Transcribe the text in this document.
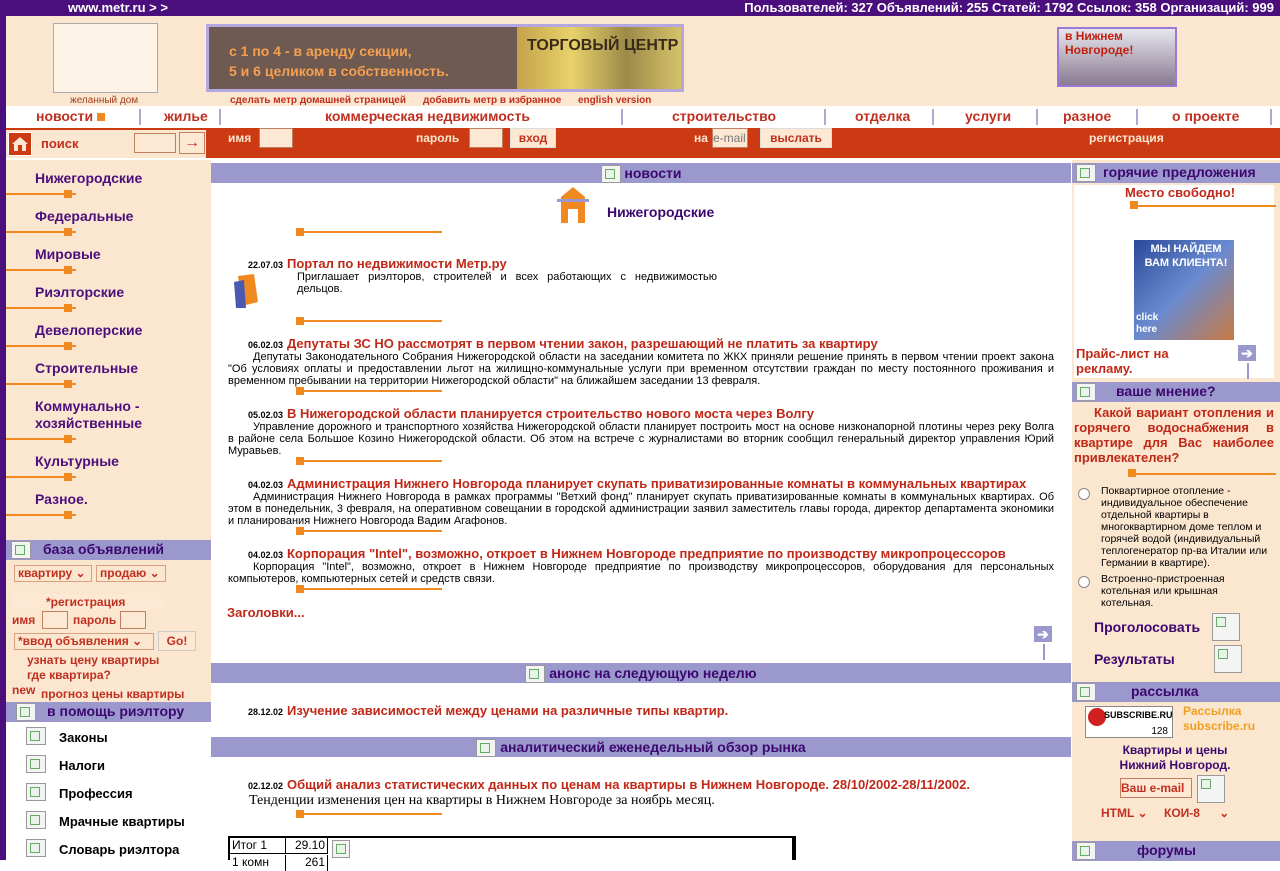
www.metr.ru > >	Пользователей: 327 Объявлений: 255 Статей: 1792 Ссылок: 358 Организаций: 999
желанный дом
с 1 по 4 - в аренду секции,
5 и 6 целиком в собственность.
ТОРГОВЫЙ ЦЕНТР
в Нижнем Новгороде!
сделать метр домашней страницей добавить метр в избранное english version
новости	жилье	коммерческая недвижимость	строительство	отделка	услуги	разное	о проекте
имя	пароль	вход	на
e-mail	выслать	регистрация
поиск	→
Нижегородские
Федеральные
Мировые
Риэлторские
Девелоперские
Строительные
Коммунально - хозяйственные
Культурные
Разное.
база объявлений
квартиру ⌄	продаю ⌄
*регистрация
имя	пароль
*ввод объявления ⌄	Go!
узнать цену квартиры
где квартира?
new прогноз цены квартиры
в помощь риэлтору
Законы
Налоги
Профессия
Мрачные квартиры
Словарь риэлтора
новости
Нижегородские
22.07.03 Портал по недвижимости Метр.ру
Приглашает риэлторов, строителей и всех работающих с недвижимостью дельцов.
06.02.03 Депутаты ЗС НО рассмотрят в первом чтении закон, разрешающий не платить за квартиру
Депутаты Законодательного Собрания Нижегородской области на заседании комитета по ЖКХ приняли решение принять в первом чтении проект закона "Об условиях оплаты и предоставлении льгот на жилищно-коммунальные услуги при временном отсутствии граждан по месту постоянного проживания и временном пребывании на территории Нижегородской области" на ближайшем заседании 13 февраля.
05.02.03 В Нижегородской области планируется строительство нового моста через Волгу
Управление дорожного и транспортного хозяйства Нижегородской области планирует построить мост на основе низконапорной плотины через реку Волга в районе села Большое Козино Нижегородской области. Об этом на встрече с журналистами во вторник сообщил генеральный директор управления Юрий Муравьев.
04.02.03 Администрация Нижнего Новгорода планирует скупать приватизированные комнаты в коммунальных квартирах
Администрация Нижнего Новгорода в рамках программы "Ветхий фонд" планирует скупать приватизированные комнаты в коммунальных квартирах. Об этом в понедельник, 3 февраля, на оперативном совещании в городской администрации заявил заместитель главы города, директор департамента экономики и планирования Нижнего Новгорода Вадим Агафонов.
04.02.03 Корпорация "Intel", возможно, откроет в Нижнем Новгороде предприятие по производству микропроцессоров
Корпорация "Intel", возможно, откроет в Нижнем Новгороде предприятие по производству микропроцессоров, оборудования для персональных компьютеров, компьютерных сетей и средств связи.
Заголовки...
➔
анонс на следующую неделю
28.12.02 Изучение зависимостей между ценами на различные типы квартир.
аналитический еженедельный обзор рынка
02.12.02 Общий анализ статистических данных по ценам на квартиры в Нижнем Новгороде. 28/10/2002-28/11/2002.
Тенденции изменения цен на квартиры в Нижнем Новгороде за ноябрь месяц.
Итог 1	29.10
1 комн	261
горячие предложения
Место свободно!
МЫ НАЙДЕМ ВАМ КЛИЕНТА!
click here
Прайс-лист на рекламу.
➔
ваше мнение?
Какой вариант отопления и горячего водоснабжения в квартире для Вас наиболее привлекателен?
Поквартирное отопление - индивидуальное обеспечение отдельной квартиры в многоквартирном доме теплом и горячей водой (индивидуальный теплогенератор пр-ва Италии или Германии в квартире).
Встроенно-пристроенная котельная или крышная котельная.
Проголосовать
Результаты
рассылка
SUBSCRIBE.RU
128
Рассылка
subscribe.ru
Квартиры и цены Нижний Новгород.
Ваш e-mail
HTML ⌄	КОИ-8 ⌄
форумы
